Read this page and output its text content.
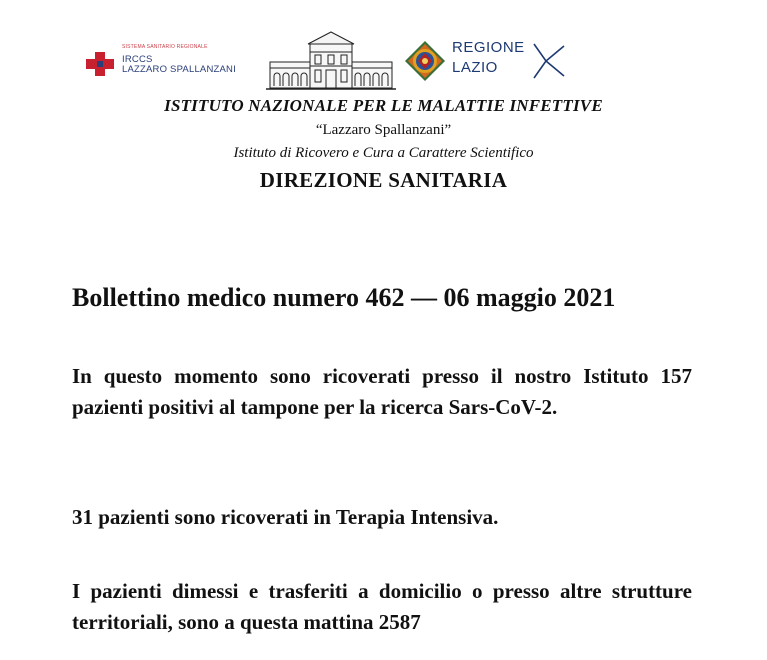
SISTEMA SANITARIO REGIONALE
IRCCS
LAZZARO SPALLANZANI
REGIONE
LAZIO
ISTITUTO NAZIONALE PER LE MALATTIE INFETTIVE
“Lazzaro Spallanzani”
Istituto di Ricovero e Cura a Carattere Scientifico
DIREZIONE SANITARIA
Bollettino medico numero 462 — 06 maggio 2021
In questo momento sono ricoverati presso il nostro Istituto 157 pazienti positivi al tampone per la ricerca Sars-CoV-2.
31 pazienti sono ricoverati in Terapia Intensiva.
I pazienti dimessi e trasferiti a domicilio o presso altre strutture territoriali, sono a questa mattina 2587
